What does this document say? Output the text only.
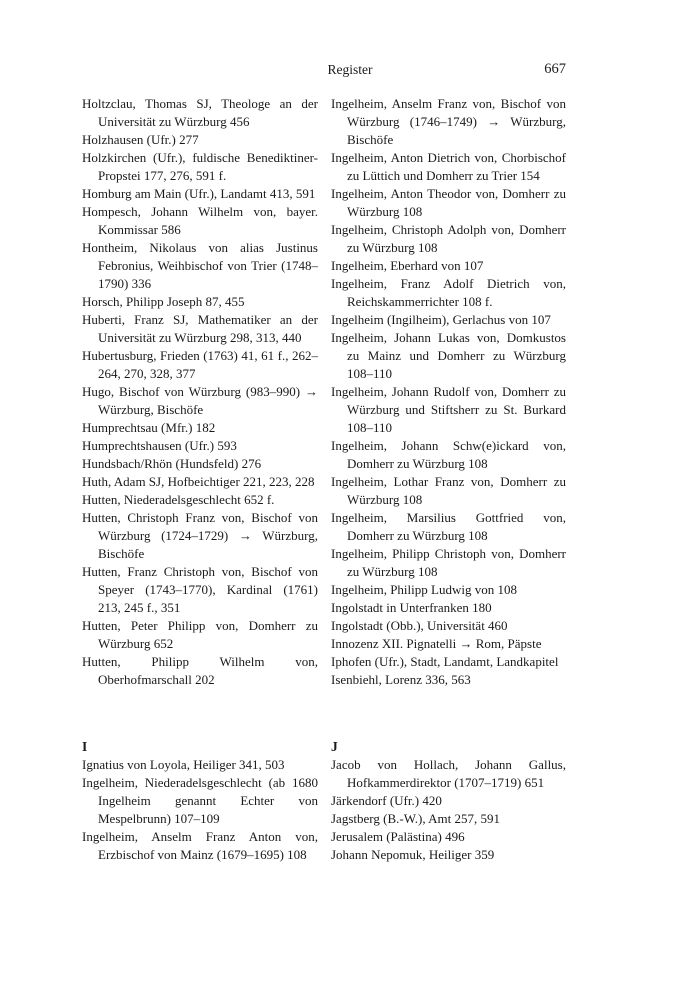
Register	667

Holtzclau, Thomas SJ, Theologe an der Universität zu Würzburg 456

Holzhausen (Ufr.) 277

Holzkirchen (Ufr.), fuldische Benediktiner-Propstei 177, 276, 591 f.

Homburg am Main (Ufr.), Landamt 413, 591

Hompesch, Johann Wilhelm von, bayer. Kommissar 586

Hontheim, Nikolaus von alias Justinus Febronius, Weihbischof von Trier (1748–1790) 336

Horsch, Philipp Joseph 87, 455

Huberti, Franz SJ, Mathematiker an der Universität zu Würzburg 298, 313, 440

Hubertusburg, Frieden (1763) 41, 61 f., 262–264, 270, 328, 377

Hugo, Bischof von Würzburg (983–990) → Würzburg, Bischöfe

Humprechtsau (Mfr.) 182

Humprechtshausen (Ufr.) 593

Hundsbach/Rhön (Hundsfeld) 276

Huth, Adam SJ, Hofbeichtiger 221, 223, 228

Hutten, Niederadelsgeschlecht 652 f.

Hutten, Christoph Franz von, Bischof von Würzburg (1724–1729) → Würzburg, Bischöfe

Hutten, Franz Christoph von, Bischof von Speyer (1743–1770), Kardinal (1761) 213, 245 f., 351

Hutten, Peter Philipp von, Domherr zu Würzburg 652

Hutten, Philipp Wilhelm von, Oberhofmarschall 202

Ingelheim, Anselm Franz von, Bischof von Würzburg (1746–1749) → Würzburg, Bischöfe

Ingelheim, Anton Dietrich von, Chorbischof zu Lüttich und Domherr zu Trier 154

Ingelheim, Anton Theodor von, Domherr zu Würzburg 108

Ingelheim, Christoph Adolph von, Domherr zu Würzburg 108

Ingelheim, Eberhard von 107

Ingelheim, Franz Adolf Dietrich von, Reichskammerrichter 108 f.

Ingelheim (Ingilheim), Gerlachus von 107

Ingelheim, Johann Lukas von, Domkustos zu Mainz und Domherr zu Würzburg 108–110

Ingelheim, Johann Rudolf von, Domherr zu Würzburg und Stiftsherr zu St. Burkard 108–110

Ingelheim, Johann Schw(e)ickard von, Domherr zu Würzburg 108

Ingelheim, Lothar Franz von, Domherr zu Würzburg 108

Ingelheim, Marsilius Gottfried von, Domherr zu Würzburg 108

Ingelheim, Philipp Christoph von, Domherr zu Würzburg 108

Ingelheim, Philipp Ludwig von 108

Ingolstadt in Unterfranken 180

Ingolstadt (Obb.), Universität 460

Innozenz XII. Pignatelli → Rom, Päpste

Iphofen (Ufr.), Stadt, Landamt, Landkapitel

Isenbiehl, Lorenz 336, 563

I

Ignatius von Loyola, Heiliger 341, 503

Ingelheim, Niederadelsgeschlecht (ab 1680 Ingelheim genannt Echter von Mespelbrunn) 107–109

Ingelheim, Anselm Franz Anton von, Erzbischof von Mainz (1679–1695) 108

J

Jacob von Hollach, Johann Gallus, Hofkammerdirektor (1707–1719) 651

Järkendorf (Ufr.) 420

Jagstberg (B.-W.), Amt 257, 591

Jerusalem (Palästina) 496

Johann Nepomuk, Heiliger 359
